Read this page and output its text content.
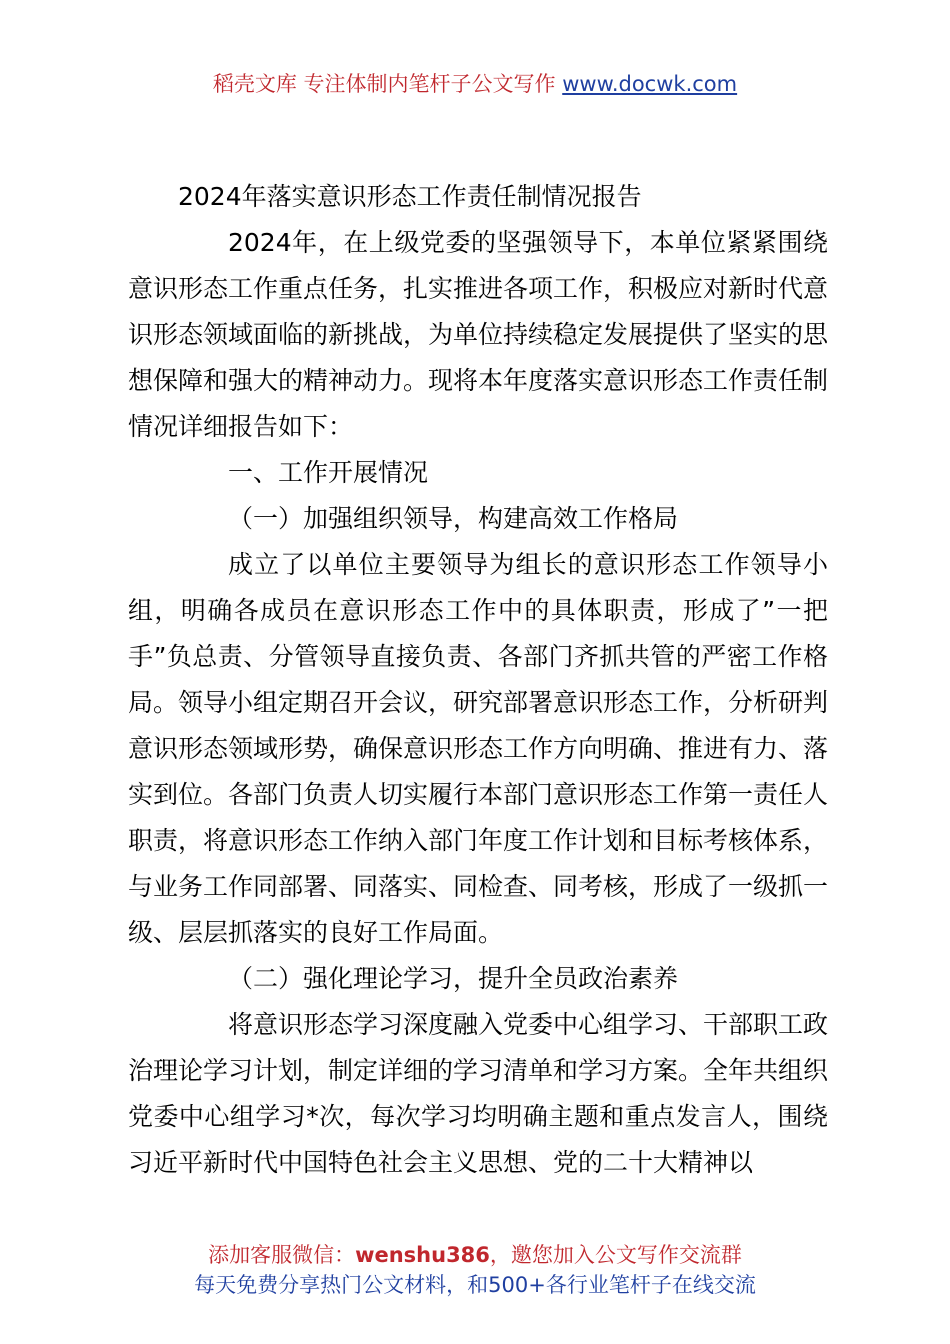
稻壳文库 专注体制内笔杆子公文写作 www.docwk.com

2024年落实意识形态工作责任制情况报告

2024年，在上级党委的坚强领导下，本单位紧紧围绕意识形态工作重点任务，扎实推进各项工作，积极应对新时代意识形态领域面临的新挑战，为单位持续稳定发展提供了坚实的思想保障和强大的精神动力。现将本年度落实意识形态工作责任制情况详细报告如下：

一、工作开展情况

（一）加强组织领导，构建高效工作格局

成立了以单位主要领导为组长的意识形态工作领导小组，明确各成员在意识形态工作中的具体职责，形成了”一把手”负总责、分管领导直接负责、各部门齐抓共管的严密工作格局。领导小组定期召开会议，研究部署意识形态工作，分析研判意识形态领域形势，确保意识形态工作方向明确、推进有力、落实到位。各部门负责人切实履行本部门意识形态工作第一责任人职责，将意识形态工作纳入部门年度工作计划和目标考核体系，与业务工作同部署、同落实、同检查、同考核，形成了一级抓一级、层层抓落实的良好工作局面。

（二）强化理论学习，提升全员政治素养

将意识形态学习深度融入党委中心组学习、干部职工政治理论学习计划，制定详细的学习清单和学习方案。全年共组织党委中心组学习*次，每次学习均明确主题和重点发言人，围绕习近平新时代中国特色社会主义思想、党的二十大精神以

添加客服微信：wenshu386，邀您加入公文写作交流群
每天免费分享热门公文材料，和500+各行业笔杆子在线交流
